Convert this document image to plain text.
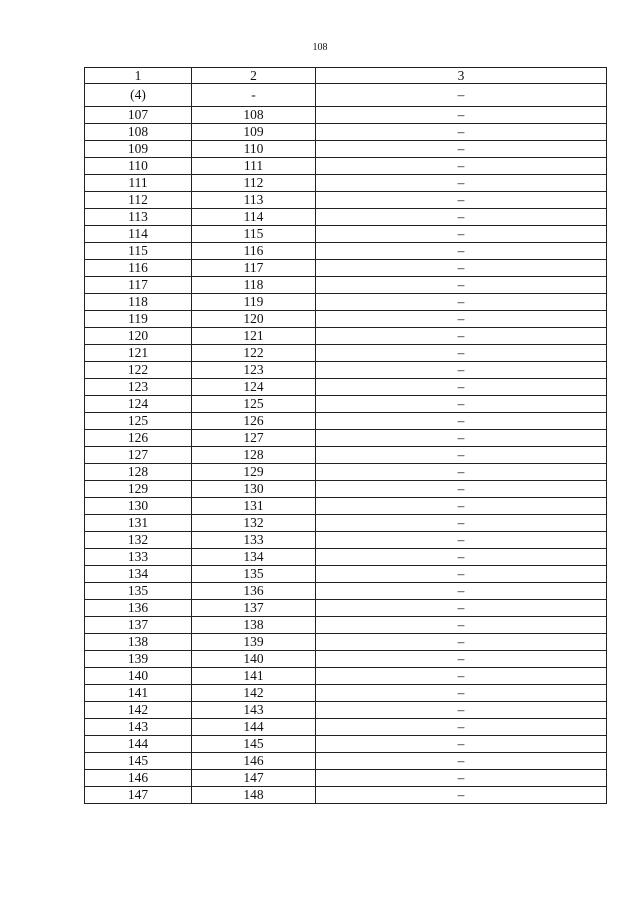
108
1	2	3
(4)	-	–
107	108	–
108	109	–
109	110	–
110	111	–
111	112	–
112	113	–
113	114	–
114	115	–
115	116	–
116	117	–
117	118	–
118	119	–
119	120	–
120	121	–
121	122	–
122	123	–
123	124	–
124	125	–
125	126	–
126	127	–
127	128	–
128	129	–
129	130	–
130	131	–
131	132	–
132	133	–
133	134	–
134	135	–
135	136	–
136	137	–
137	138	–
138	139	–
139	140	–
140	141	–
141	142	–
142	143	–
143	144	–
144	145	–
145	146	–
146	147	–
147	148	–
